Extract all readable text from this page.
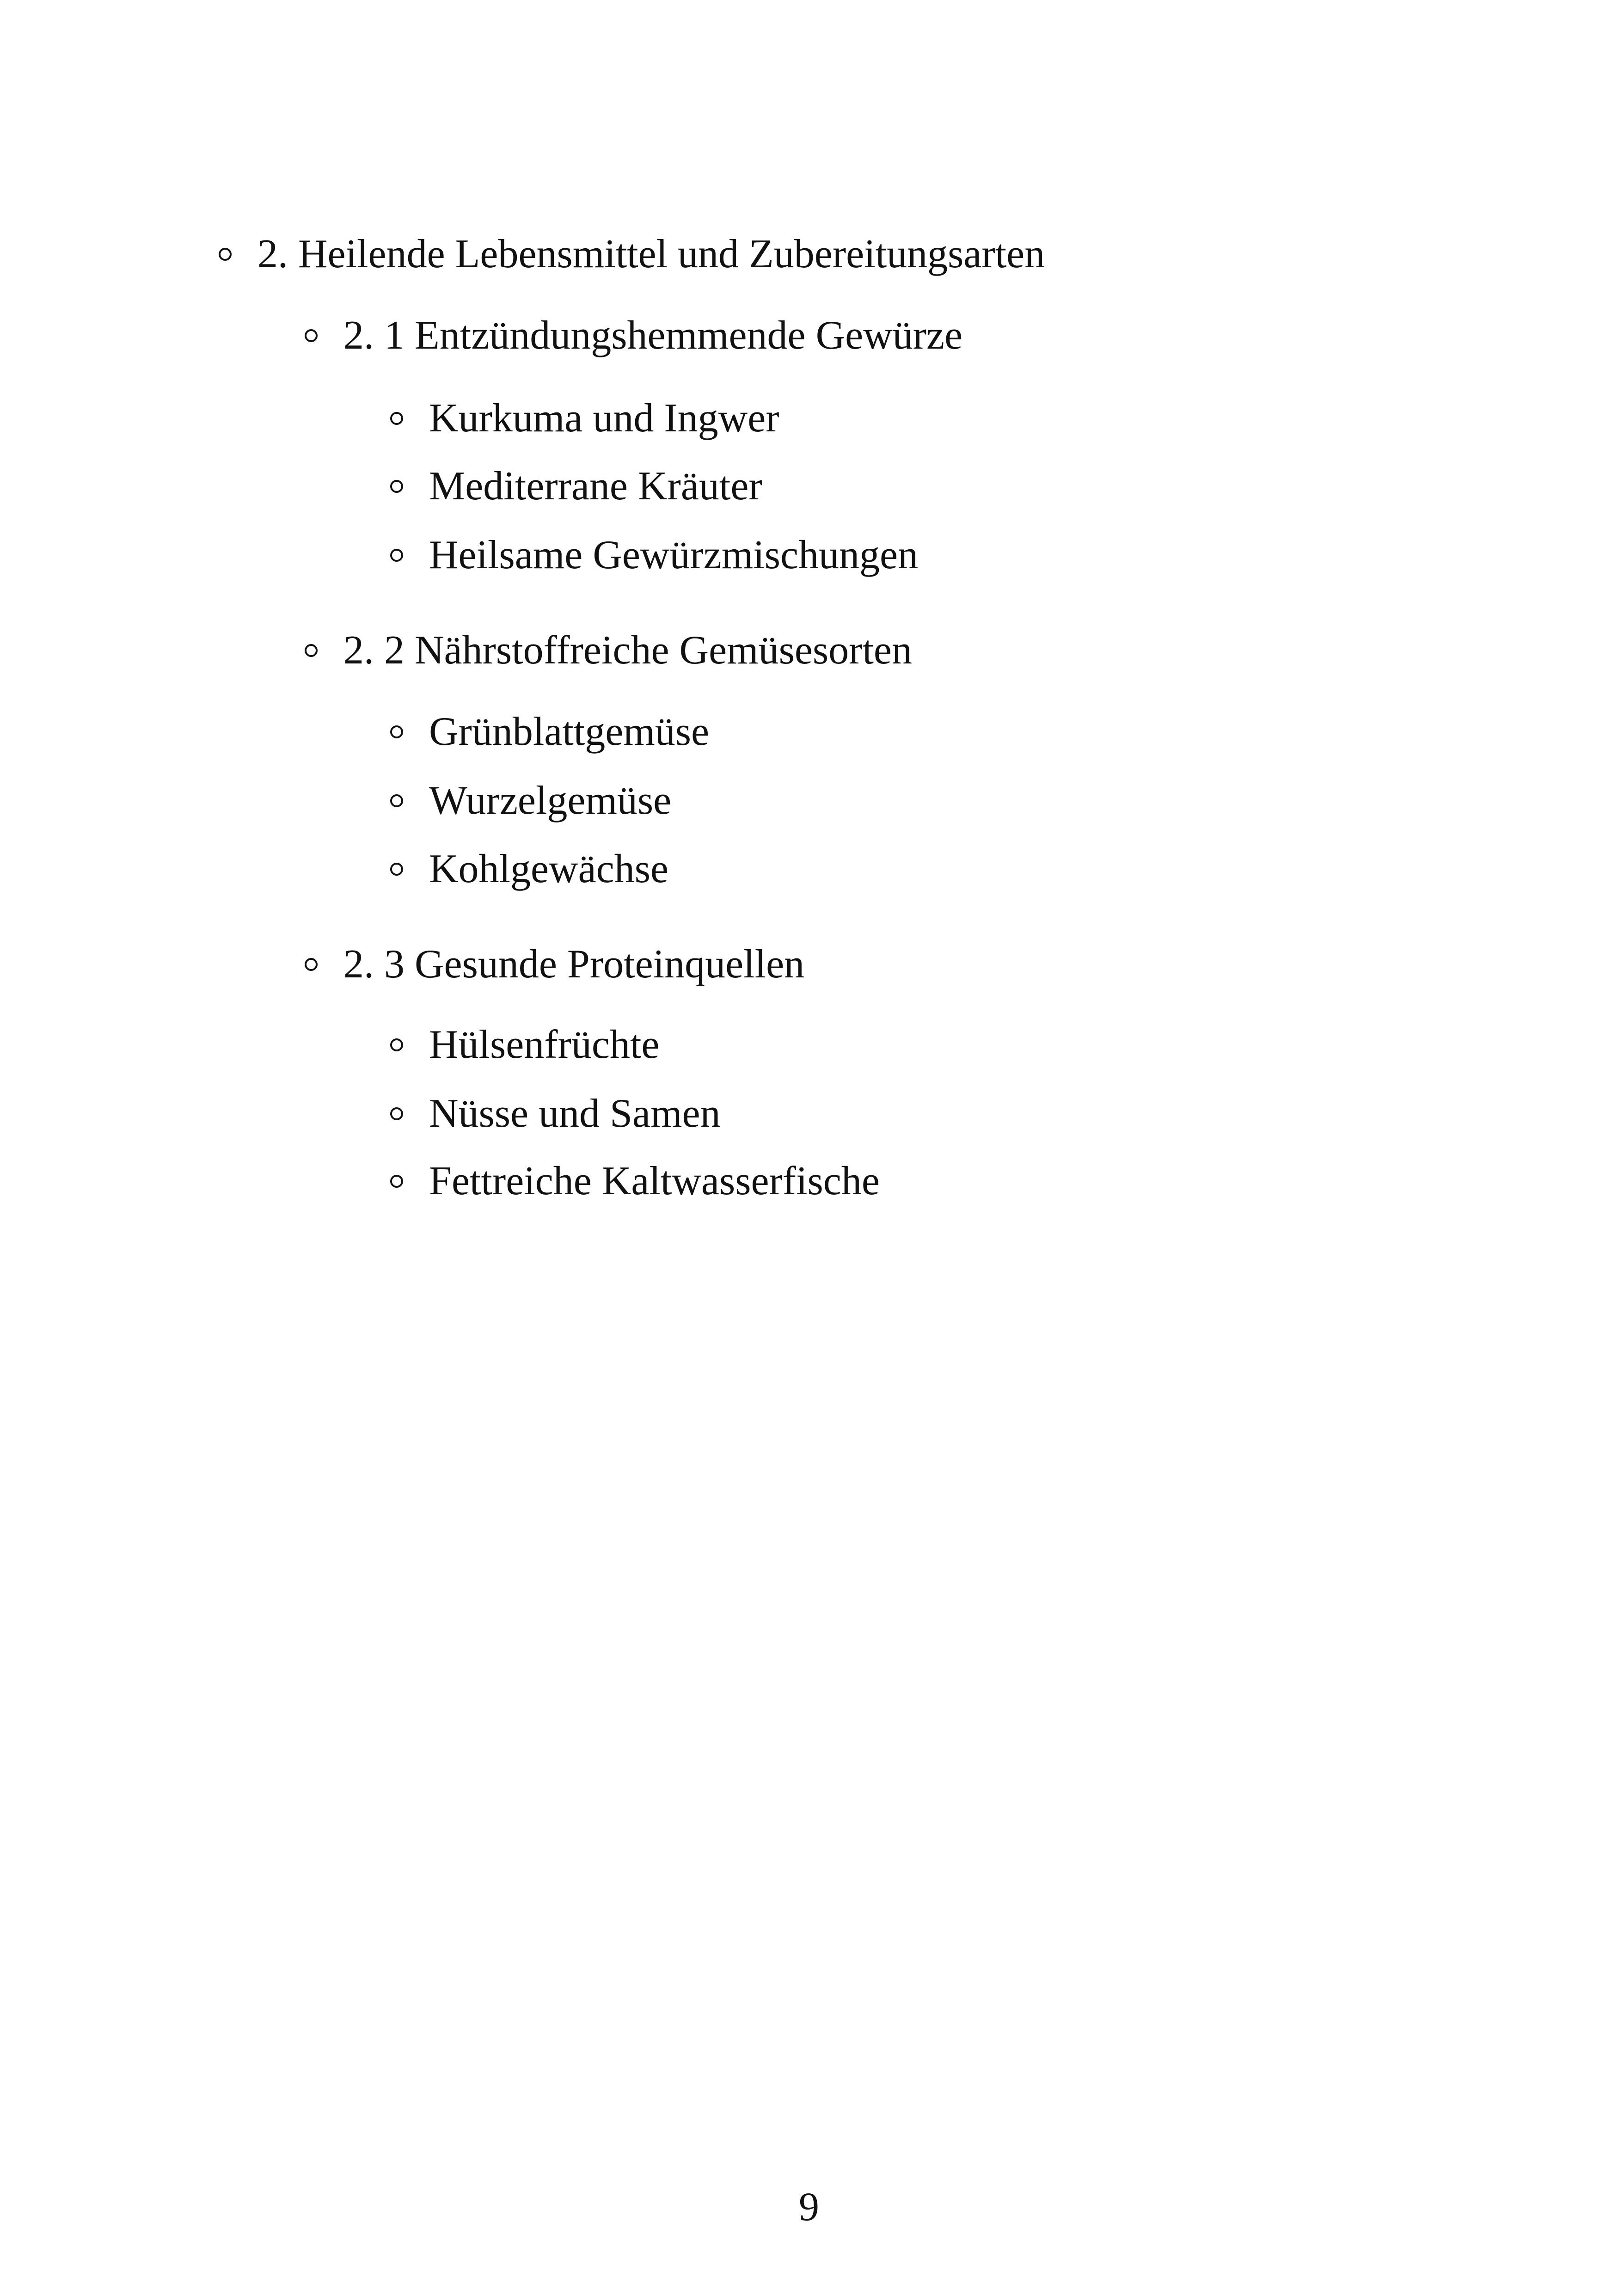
2. Heilende Lebensmittel und Zubereitungsarten
2. 1 Entzündungshemmende Gewürze
Kurkuma und Ingwer
Mediterrane Kräuter
Heilsame Gewürzmischungen
2. 2 Nährstoffreiche Gemüsesorten
Grünblattgemüse
Wurzelgemüse
Kohlgewächse
2. 3 Gesunde Proteinquellen
Hülsenfrüchte
Nüsse und Samen
Fettreiche Kaltwasserfische
9
